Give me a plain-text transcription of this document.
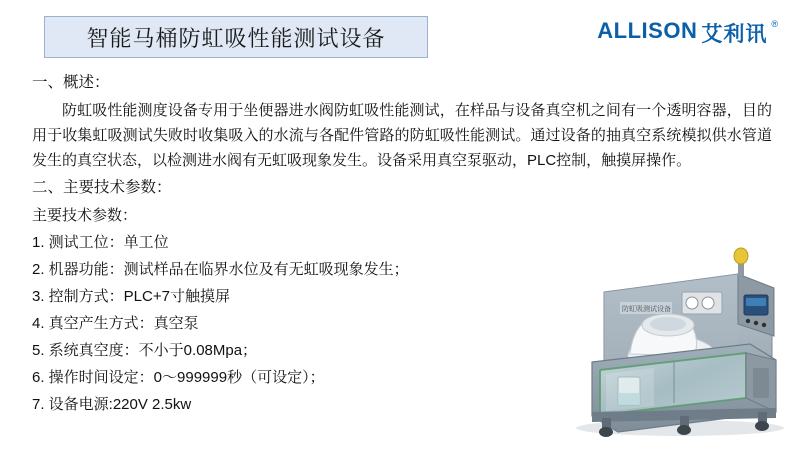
智能马桶防虹吸性能测试设备	ALLISON 艾利讯 ®

一、概述：

防虹吸性能测度设备专用于坐便器进水阀防虹吸性能测试，在样品与设备真空机之间有一个透明容器，目的用于收集虹吸测试失败时收集吸入的水流与各配件管路的防虹吸性能测试。通过设备的抽真空系统模拟供水管道发生的真空状态，以检测进水阀有无虹吸现象发生。设备采用真空泵驱动，PLC控制，触摸屏操作。

二、主要技术参数：

主要技术参数：

1. 测试工位：单工位
2. 机器功能：测试样品在临界水位及有无虹吸现象发生；
3. 控制方式：PLC+7寸触摸屏
4. 真空产生方式：真空泵
5. 系统真空度：不小于0.08Mpa；
6. 操作时间设定：0～999999秒（可设定）；
7. 设备电源:220V 2.5kw
防虹吸测试设备
